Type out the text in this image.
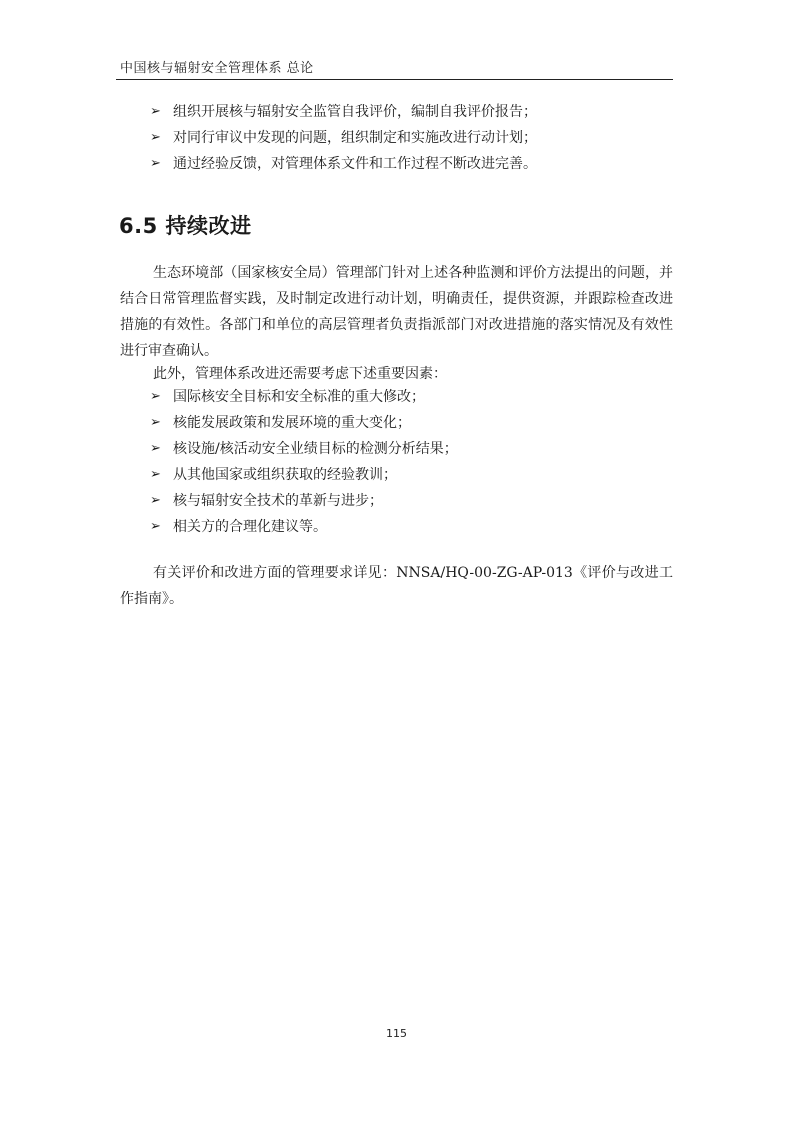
中国核与辐射安全管理体系 总论
➢ 组织开展核与辐射安全监管自我评价，编制自我评价报告；
➢ 对同行审议中发现的问题，组织制定和实施改进行动计划；
➢ 通过经验反馈，对管理体系文件和工作过程不断改进完善。
6.5 持续改进

生态环境部（国家核安全局）管理部门针对上述各种监测和评价方法提出的问题，并结合日常管理监督实践，及时制定改进行动计划，明确责任，提供资源，并跟踪检查改进措施的有效性。各部门和单位的高层管理者负责指派部门对改进措施的落实情况及有效性进行审查确认。

此外，管理体系改进还需要考虑下述重要因素：

➢ 国际核安全目标和安全标准的重大修改；
➢ 核能发展政策和发展环境的重大变化；
➢ 核设施/核活动安全业绩目标的检测分析结果；
➢ 从其他国家或组织获取的经验教训；
➢ 核与辐射安全技术的革新与进步；
➢ 相关方的合理化建议等。

有关评价和改进方面的管理要求详见：NNSA/HQ-00-ZG-AP-013《评价与改进工作指南》。

115
